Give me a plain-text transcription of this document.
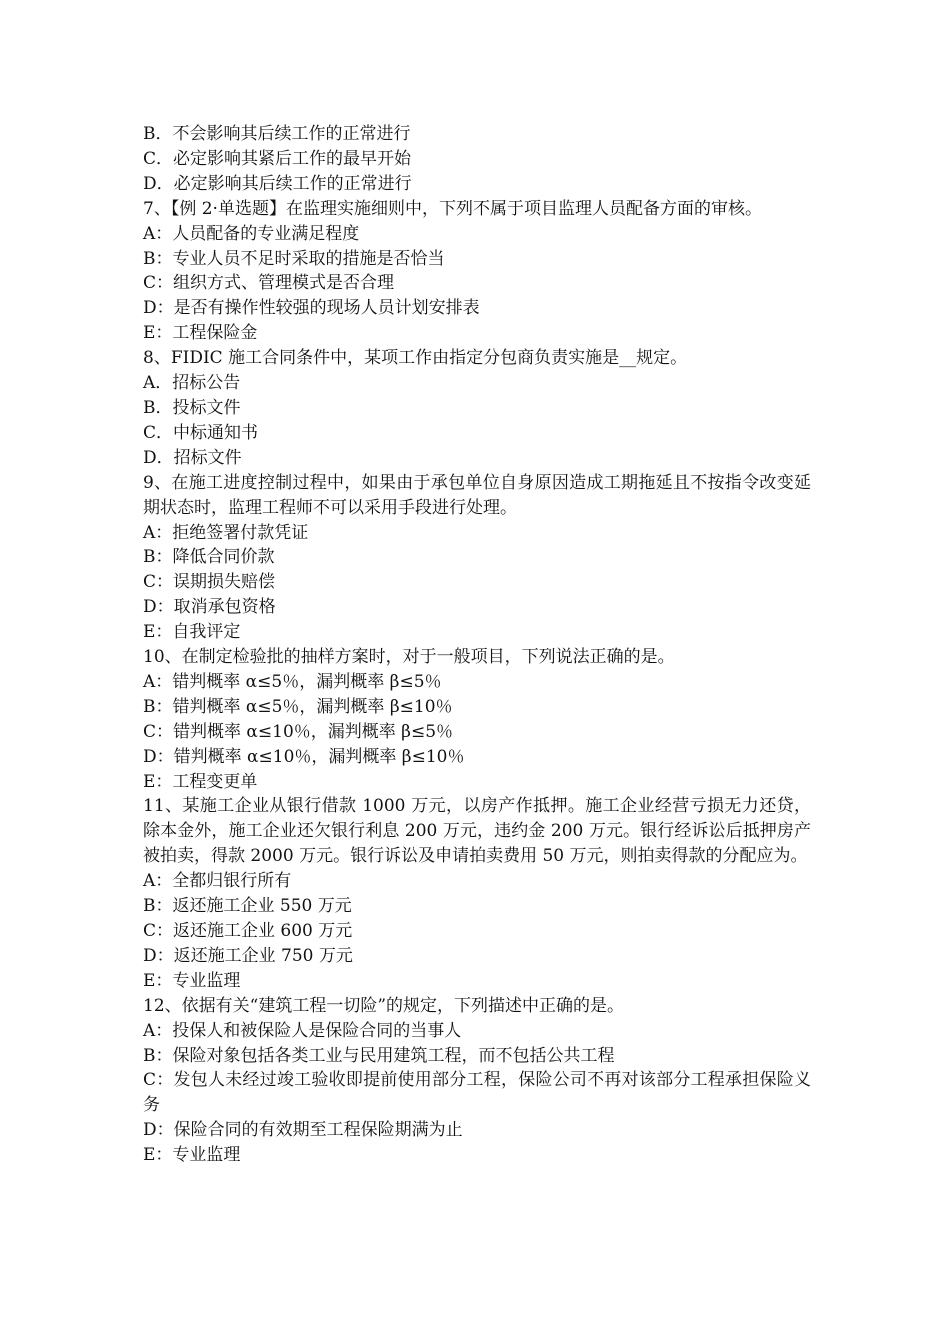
B．不会影响其后续工作的正常进行

C．必定影响其紧后工作的最早开始

D．必定影响其后续工作的正常进行

7、【例 2·单选题】在监理实施细则中，下列不属于项目监理人员配备方面的审核。

A：人员配备的专业满足程度

B：专业人员不足时采取的措施是否恰当

C：组织方式、管理模式是否合理

D：是否有操作性较强的现场人员计划安排表

E：工程保险金

8、FIDIC 施工合同条件中，某项工作由指定分包商负责实施是__规定。

A．招标公告

B．投标文件

C．中标通知书

D．招标文件

9、在施工进度控制过程中，如果由于承包单位自身原因造成工期拖延且不按指令改变延期状态时，监理工程师不可以采用手段进行处理。

A：拒绝签署付款凭证

B：降低合同价款

C：误期损失赔偿

D：取消承包资格

E：自我评定

10、在制定检验批的抽样方案时，对于一般项目，下列说法正确的是。

A：错判概率 α≤5％，漏判概率 β≤5％

B：错判概率 α≤5％，漏判概率 β≤10％

C：错判概率 α≤10％，漏判概率 β≤5％

D：错判概率 α≤10％，漏判概率 β≤10％

E：工程变更单

11、某施工企业从银行借款 1000 万元，以房产作抵押。施工企业经营亏损无力还贷，除本金外，施工企业还欠银行利息 200 万元，违约金 200 万元。银行经诉讼后抵押房产被拍卖，得款 2000 万元。银行诉讼及申请拍卖费用 50 万元，则拍卖得款的分配应为。

A：全都归银行所有

B：返还施工企业 550 万元

C：返还施工企业 600 万元

D：返还施工企业 750 万元

E：专业监理

12、依据有关“建筑工程一切险”的规定，下列描述中正确的是。

A：投保人和被保险人是保险合同的当事人

B：保险对象包括各类工业与民用建筑工程，而不包括公共工程

C：发包人未经过竣工验收即提前使用部分工程，保险公司不再对该部分工程承担保险义务

D：保险合同的有效期至工程保险期满为止

E：专业监理
